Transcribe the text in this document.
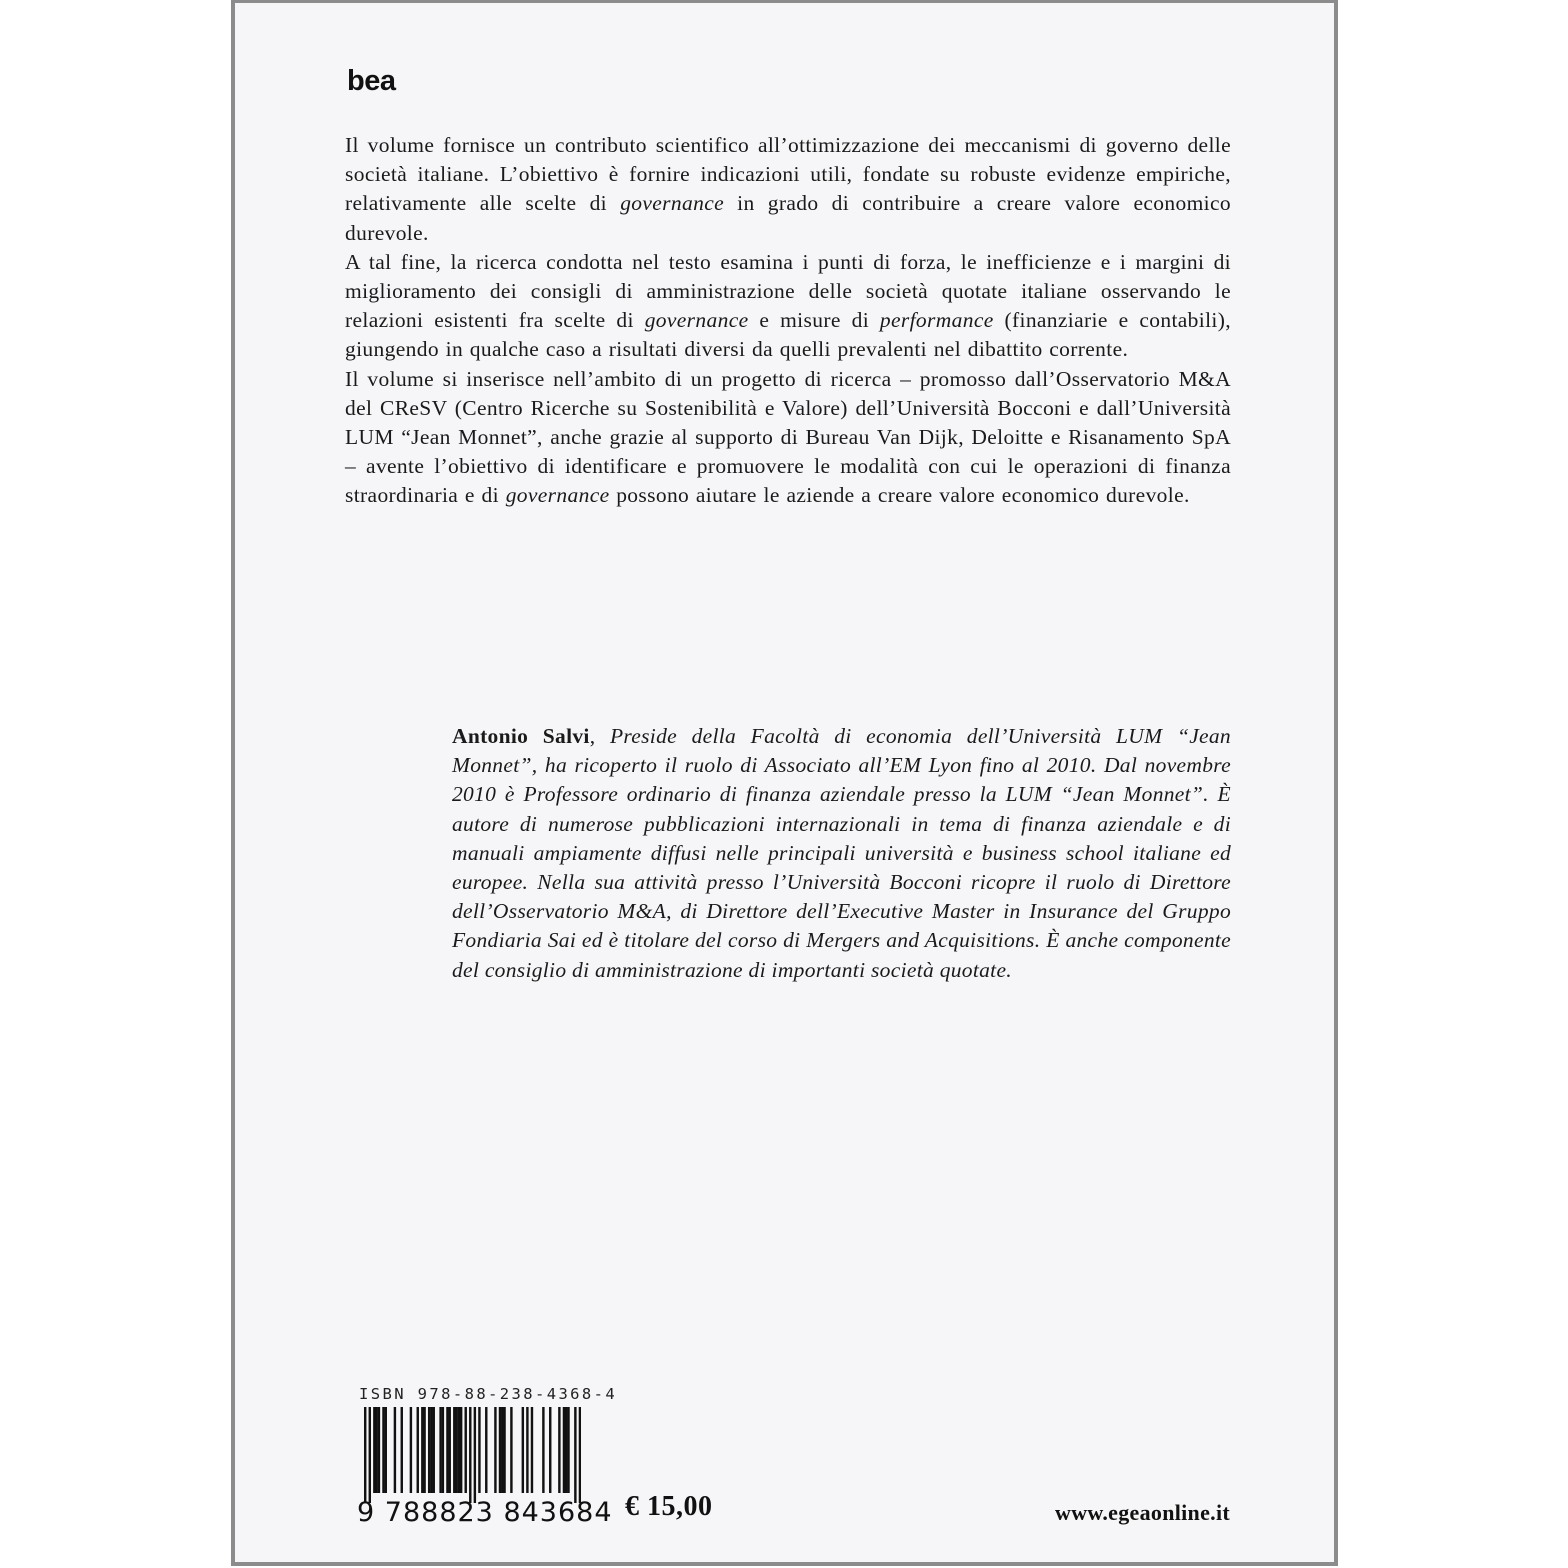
bea

Il volume fornisce un contributo scientifico all’ottimizzazione dei meccanismi di governo delle società italiane. L’obiettivo è fornire indicazioni utili, fondate su robuste evidenze empiriche, relativamente alle scelte di governance in grado di contribuire a creare valore economico durevole.

A tal fine, la ricerca condotta nel testo esamina i punti di forza, le inefficienze e i margini di miglioramento dei consigli di amministrazione delle società quotate italiane osservando le relazioni esistenti fra scelte di governance e misure di performance (finanziarie e contabili), giungendo in qualche caso a risultati diversi da quelli prevalenti nel dibattito corrente.

Il volume si inserisce nell’ambito di un progetto di ricerca – promosso dall’Osservatorio M&A del CReSV (Centro Ricerche su Sostenibilità e Valore) dell’Università Bocconi e dall’Università LUM “Jean Monnet”, anche grazie al supporto di Bureau Van Dijk, Deloitte e Risanamento SpA – avente l’obiettivo di identificare e promuovere le modalità con cui le operazioni di finanza straordinaria e di governance possono aiutare le aziende a creare valore economico durevole.

Antonio Salvi, Preside della Facoltà di economia dell’Università LUM “Jean Monnet”, ha ricoperto il ruolo di Associato all’EM Lyon fino al 2010. Dal novembre 2010 è Professore ordinario di finanza aziendale presso la LUM “Jean Monnet”. È autore di numerose pubblicazioni internazionali in tema di finanza aziendale e di manuali ampiamente diffusi nelle principali università e business school italiane ed europee. Nella sua attività presso l’Università Bocconi ricopre il ruolo di Direttore dell’Osservatorio M&A, di Direttore dell’Executive Master in Insurance del Gruppo Fondiaria Sai ed è titolare del corso di Mergers and Acquisitions. È anche componente del consiglio di amministrazione di importanti società quotate.
ISBN 978-88-238-4368-4
9 788823 843684 € 15,00	www.egeaonline.it
